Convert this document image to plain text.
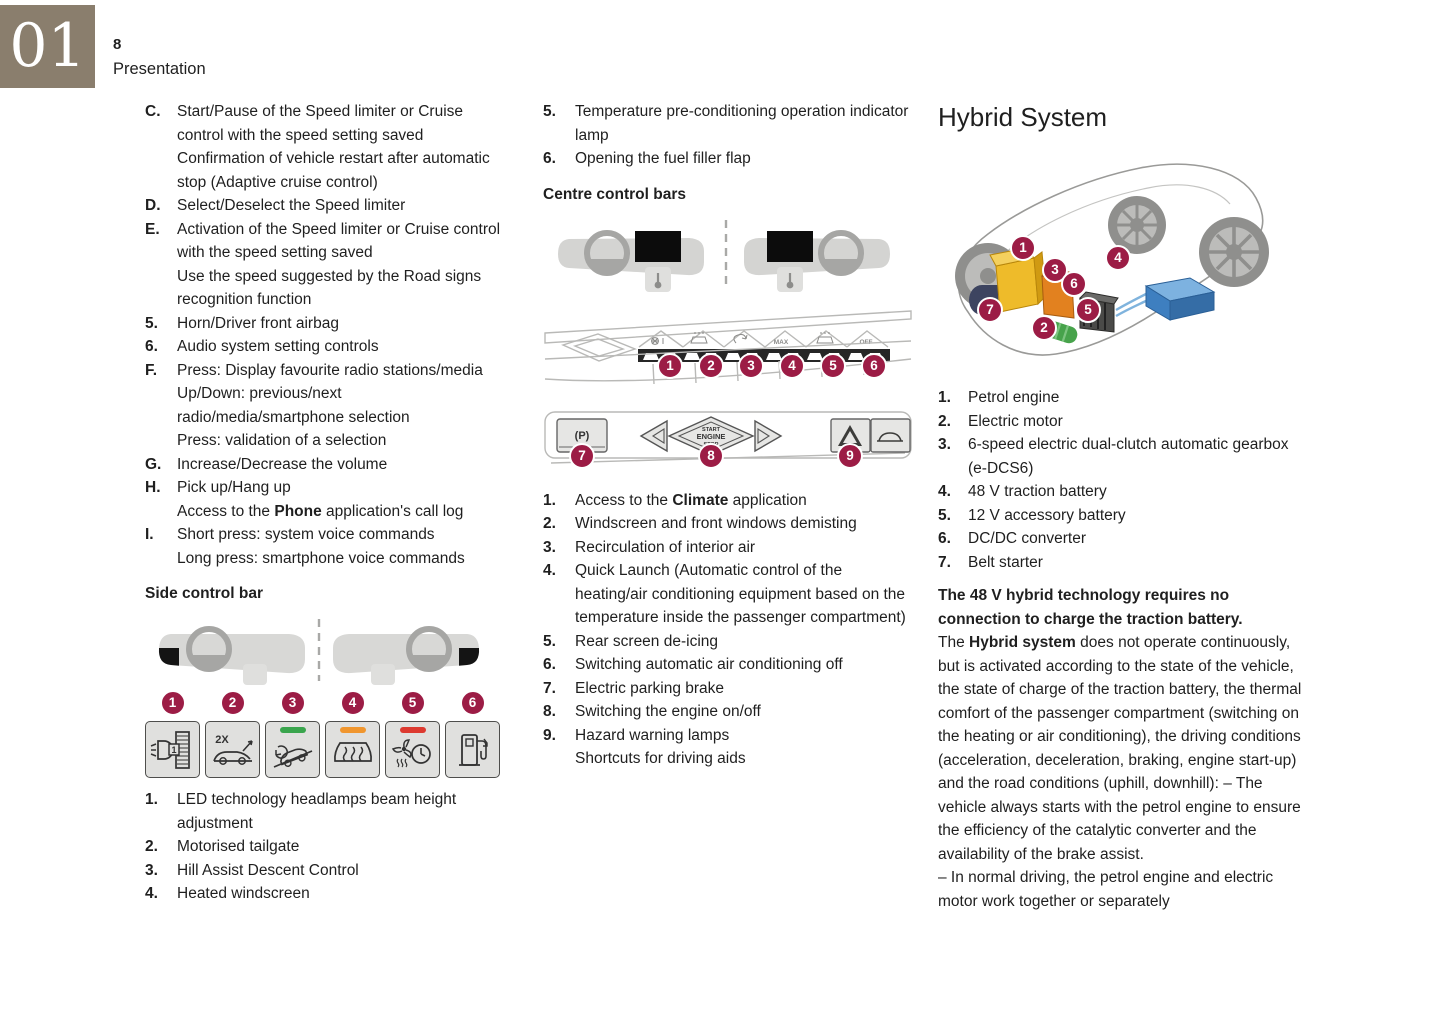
01	8
Presentation
C.	Start/Pause of the Speed limiter or Cruise control with the speed setting saved
Confirmation of vehicle restart after automatic stop (Adaptive cruise control)
D.	Select/Deselect the Speed limiter
E.	Activation of the Speed limiter or Cruise control with the speed setting saved
Use the speed suggested by the Road signs recognition function
5.	Horn/Driver front airbag
6.	Audio system setting controls
F.	Press: Display favourite radio stations/media
Up/Down: previous/next radio/media/smartphone selection
Press: validation of a selection
G.	Increase/Decrease the volume
H.	Pick up/Hang up
Access to the Phone application's call log
I.	Short press: system voice commands
Long press: smartphone voice commands
Side control bar
1
1
2
2X
3	4	5	6
1.	LED technology headlamps beam height adjustment
2.	Motorised tailgate
3.	Hill Assist Descent Control
4.	Heated windscreen
5.	Temperature pre-conditioning operation indicator lamp
6.	Opening the fuel filler flap
Centre control bars
MAX	OFF
1	2	3	4	5	6
(P)	START
ENGINE
7	8	9
1.	Access to the Climate application
2.	Windscreen and front windows demisting
3.	Recirculation of interior air
4.	Quick Launch (Automatic control of the heating/air conditioning equipment based on the temperature inside the passenger compartment)
5.	Rear screen de-icing
6.	Switching automatic air conditioning off
7.	Electric parking brake
8.	Switching the engine on/off
9.	Hazard warning lamps
Shortcuts for driving aids
Hybrid System
1
3
6
4
7
2
5
1.	Petrol engine
2.	Electric motor
3.	6-speed electric dual-clutch automatic gearbox (e-DCS6)
4.	48 V traction battery
5.	12 V accessory battery
6.	DC/DC converter
7.	Belt starter

The 48 V hybrid technology requires no connection to charge the traction battery.
The Hybrid system does not operate continuously, but is activated according to the state of the vehicle, the state of charge of the traction battery, the thermal comfort of the passenger compartment (switching on the heating or air conditioning), the driving conditions (acceleration, deceleration, braking, engine start-up) and the road conditions (uphill, downhill): – The vehicle always starts with the petrol engine to ensure the efficiency of the catalytic converter and the availability of the brake assist.
– In normal driving, the petrol engine and electric motor work together or separately
